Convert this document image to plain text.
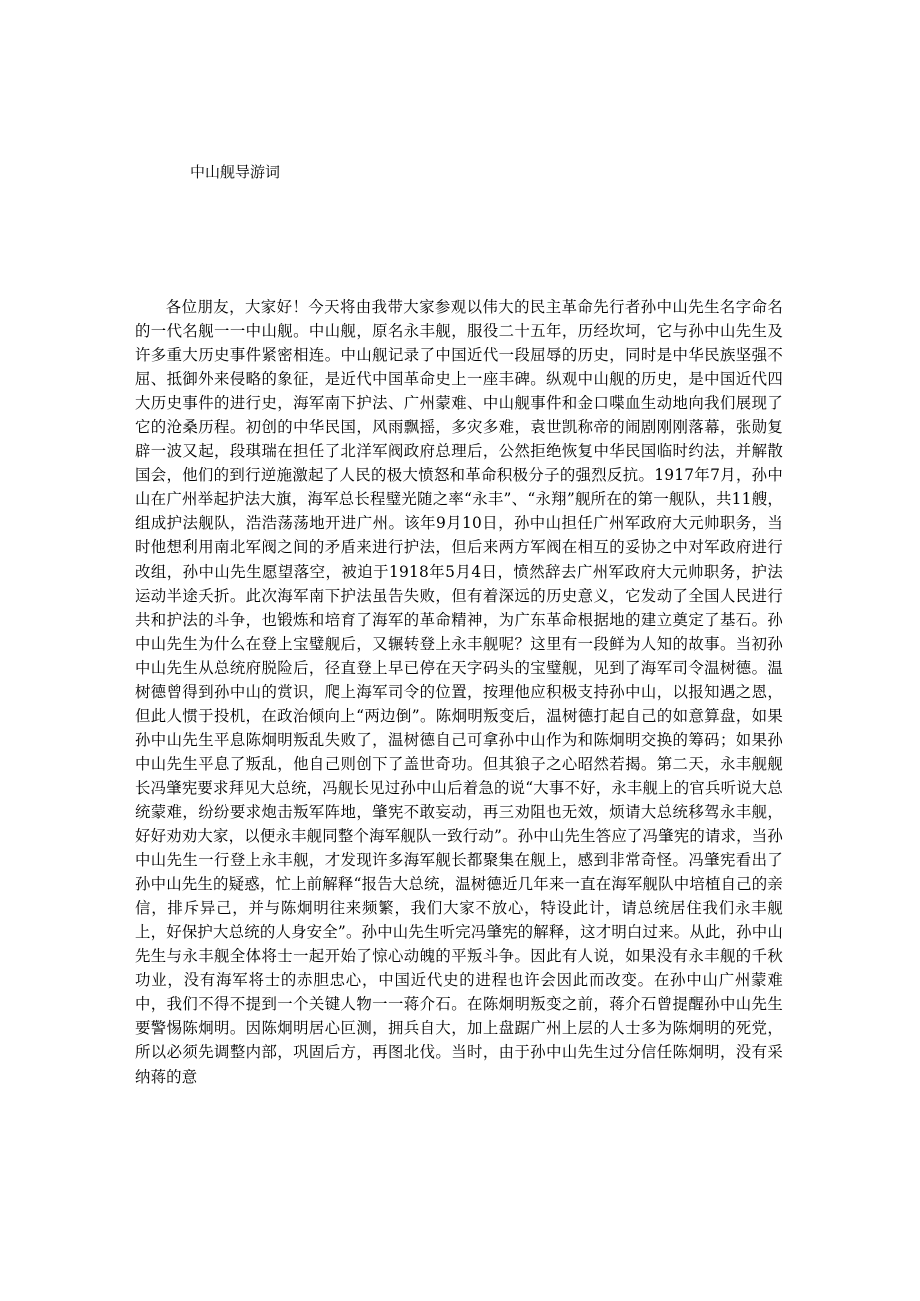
中山舰导游词

各位朋友，大家好！今天将由我带大家参观以伟大的民主革命先行者孙中山先生名字命名的一代名舰一一中山舰。中山舰，原名永丰舰，服役二十五年，历经坎坷，它与孙中山先生及许多重大历史事件紧密相连。中山舰记录了中国近代一段屈辱的历史，同时是中华民族坚强不屈、抵御外来侵略的象征，是近代中国革命史上一座丰碑。纵观中山舰的历史，是中国近代四大历史事件的进行史，海军南下护法、广州蒙难、中山舰事件和金口喋血生动地向我们展现了它的沧桑历程。初创的中华民国，风雨飘摇，多灾多难，袁世凯称帝的闹剧刚刚落幕，张勋复辟一波又起，段琪瑞在担任了北洋军阀政府总理后，公然拒绝恢复中华民国临时约法，并解散国会，他们的到行逆施激起了人民的极大愤怒和革命积极分子的强烈反抗。1917年7月，孙中山在广州举起护法大旗，海军总长程璧光随之率“永丰”、“永翔”舰所在的第一舰队，共11艘，组成护法舰队，浩浩荡荡地开进广州。该年9月10日，孙中山担任广州军政府大元帅职务，当时他想利用南北军阀之间的矛盾来进行护法，但后来两方军阀在相互的妥协之中对军政府进行改组，孙中山先生愿望落空，被迫于1918年5月4日，愤然辞去广州军政府大元帅职务，护法运动半途夭折。此次海军南下护法虽告失败，但有着深远的历史意义，它发动了全国人民进行共和护法的斗争，也锻炼和培育了海军的革命精神，为广东革命根据地的建立奠定了基石。孙中山先生为什么在登上宝璧舰后，又辗转登上永丰舰呢？这里有一段鲜为人知的故事。当初孙中山先生从总统府脱险后，径直登上早已停在天字码头的宝璧舰，见到了海军司令温树德。温树德曾得到孙中山的赏识，爬上海军司令的位置，按理他应积极支持孙中山，以报知遇之恩，但此人惯于投机，在政治倾向上“两边倒”。陈炯明叛变后，温树德打起自己的如意算盘，如果孙中山先生平息陈炯明叛乱失败了，温树德自己可拿孙中山作为和陈炯明交换的筹码；如果孙中山先生平息了叛乱，他自己则创下了盖世奇功。但其狼子之心昭然若揭。第二天，永丰舰舰长冯肇宪要求拜见大总统，冯舰长见过孙中山后着急的说“大事不好，永丰舰上的官兵听说大总统蒙难，纷纷要求炮击叛军阵地，肇宪不敢妄动，再三劝阻也无效，烦请大总统移驾永丰舰，好好劝劝大家，以便永丰舰同整个海军舰队一致行动”。孙中山先生答应了冯肇宪的请求，当孙中山先生一行登上永丰舰，才发现许多海军舰长都聚集在舰上，感到非常奇怪。冯肇宪看出了孙中山先生的疑惑，忙上前解释“报告大总统，温树德近几年来一直在海军舰队中培植自己的亲信，排斥异己，并与陈炯明往来频繁，我们大家不放心，特设此计，请总统居住我们永丰舰上，好保护大总统的人身安全”。孙中山先生听完冯肇宪的解释，这才明白过来。从此，孙中山先生与永丰舰全体将士一起开始了惊心动魄的平叛斗争。因此有人说，如果没有永丰舰的千秋功业，没有海军将士的赤胆忠心，中国近代史的进程也许会因此而改变。在孙中山广州蒙难中，我们不得不提到一个关键人物一一蒋介石。在陈炯明叛变之前，蒋介石曾提醒孙中山先生要警惕陈炯明。因陈炯明居心叵测，拥兵自大，加上盘踞广州上层的人士多为陈炯明的死党，所以必须先调整内部，巩固后方，再图北伐。当时，由于孙中山先生过分信任陈炯明，没有采纳蒋的意
